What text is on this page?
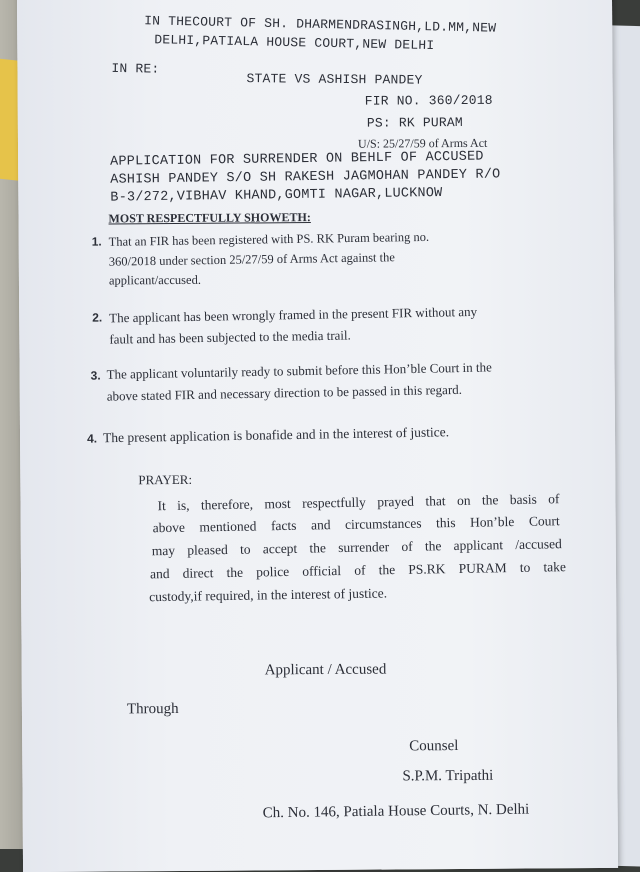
IN THECOURT OF SH. DHARMENDRASINGH,LD.MM,NEW
DELHI,PATIALA HOUSE COURT,NEW DELHI
IN RE:
STATE VS ASHISH PANDEY
FIR NO. 360/2018
PS: RK PURAM
U/S: 25/27/59 of Arms Act
APPLICATION FOR SURRENDER ON BEHLF OF ACCUSED
ASHISH PANDEY S/O SH RAKESH JAGMOHAN PANDEY R/O
B-3/272,VIBHAV KHAND,GOMTI NAGAR,LUCKNOW
MOST RESPECTFULLY SHOWETH:
1. That an FIR has been registered with PS. RK Puram bearing no.
360/2018 under section 25/27/59 of Arms Act against the
applicant/accused.
2. The applicant has been wrongly framed in the present FIR without any
fault and has been subjected to the media trail.
3. The applicant voluntarily ready to submit before this Hon’ble Court in the
above stated FIR and necessary direction to be passed in this regard.
4. The present application is bonafide and in the interest of justice.
PRAYER:
It is, therefore, most respectfully prayed that on the basis of
above mentioned facts and circumstances this Hon’ble Court
may pleased to accept the surrender of the applicant /accused
and direct the police official of the PS.RK PURAM to take
custody,if required, in the interest of justice.
Applicant / Accused
Through
Counsel
S.P.M. Tripathi
Ch. No. 146, Patiala House Courts, N. Delhi
